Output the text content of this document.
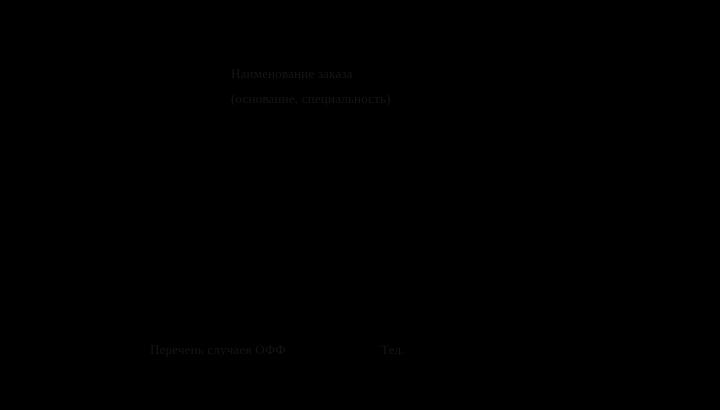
Наименование заказа
(основание, специальность)
Перечень случаев ОФФ	Тел.
